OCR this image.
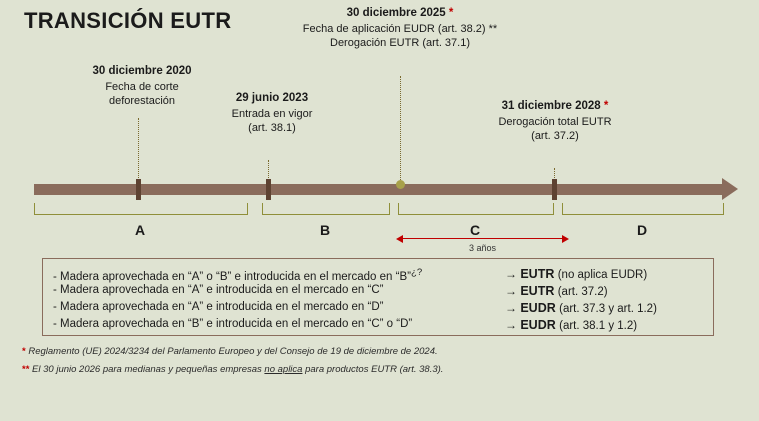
TRANSICIÓN EUTR
30 diciembre 2020
Fecha de corte
deforestación	29 junio 2023
Entrada en vigor
(art. 38.1)
30 diciembre 2025 *
Fecha de aplicación EUDR (art. 38.2) **
Derogación EUTR (art. 37.1)
31 diciembre 2028 *
Derogación total EUTR
(art. 37.2)
A	B	C	D
3 años
- Madera aprovechada en “A” o “B” e introducida en el mercado en “B”¿?	→ EUTR (no aplica EUDR)
- Madera aprovechada en “A” e introducida en el mercado en “C”	→ EUTR (art. 37.2)
- Madera aprovechada en “A” e introducida en el mercado en “D”	→ EUDR (art. 37.3 y art. 1.2)
- Madera aprovechada en “B” e introducida en el mercado en “C” o “D”	→ EUDR (art. 38.1 y 1.2)
* Reglamento (UE) 2024/3234 del Parlamento Europeo y del Consejo de 19 de diciembre de 2024.
** El 30 junio 2026 para medianas y pequeñas empresas no aplica para productos EUTR (art. 38.3).
